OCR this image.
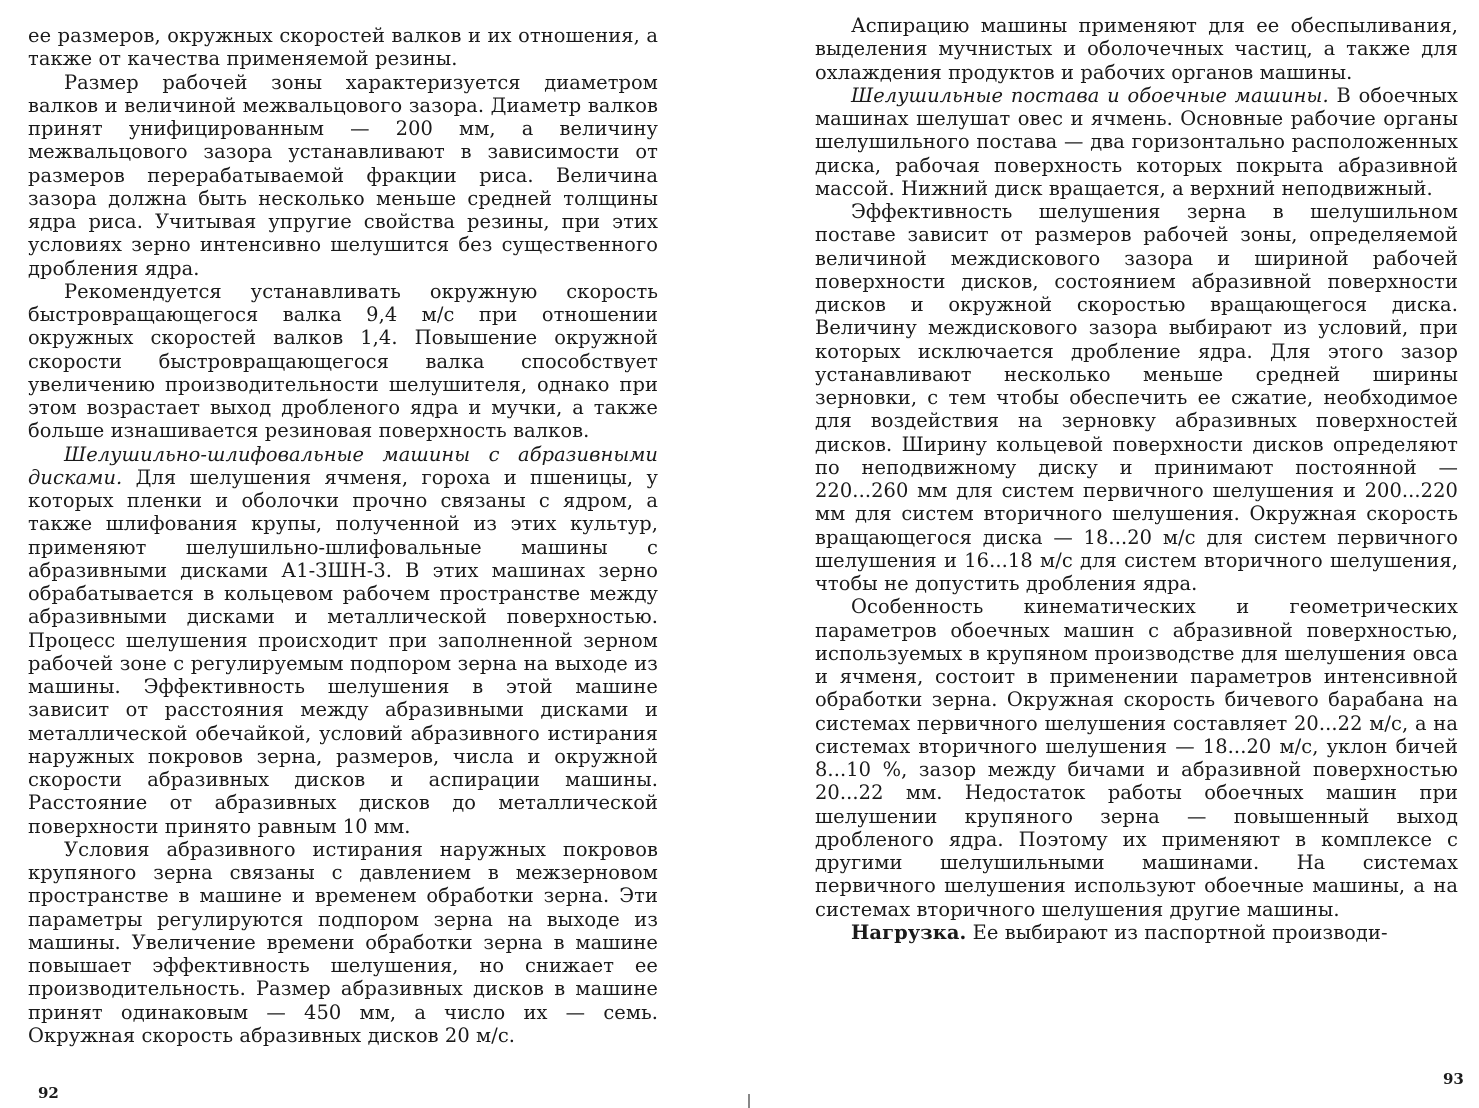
ее размеров, окружных скоростей валков и их отношения, а также от качества применяемой резины.

Размер рабочей зоны характеризуется диаметром валков и величиной межвальцового зазора. Диаметр валков принят унифицированным — 200 мм, а величину межвальцового зазора устанавливают в зависимости от размеров перерабатываемой фракции риса. Величина зазора должна быть несколько меньше средней толщины ядра риса. Учитывая упругие свойства резины, при этих условиях зерно интенсивно шелушится без существенного дробления ядра.

Рекомендуется устанавливать окружную скорость быстровращающегося валка 9,4 м/с при отношении окружных скоростей валков 1,4. Повышение окружной скорости быстровращающегося валка способствует увеличению производительности шелушителя, однако при этом возрастает выход дробленого ядра и мучки, а также больше изнашивается резиновая поверхность валков.

Шелушильно-шлифовальные машины с абразивными дисками. Для шелушения ячменя, гороха и пшеницы, у которых пленки и оболочки прочно связаны с ядром, а также шлифования крупы, полученной из этих культур, применяют шелушильно-шлифовальные машины с абразивными дисками А1-ЗШН-3. В этих машинах зерно обрабатывается в кольцевом рабочем пространстве между абразивными дисками и металлической поверхностью. Процесс шелушения происходит при заполненной зерном рабочей зоне с регулируемым подпором зерна на выходе из машины. Эффективность шелушения в этой машине зависит от расстояния между абразивными дисками и металлической обечайкой, условий абразивного истирания наружных покровов зерна, размеров, числа и окружной скорости абразивных дисков и аспирации машины. Расстояние от абразивных дисков до металлической поверхности принято равным 10 мм.

Условия абразивного истирания наружных покровов крупяного зерна связаны с давлением в межзерновом пространстве в машине и временем обработки зерна. Эти параметры регулируются подпором зерна на выходе из машины. Увеличение времени обработки зерна в машине повышает эффективность шелушения, но снижает ее производительность. Размер абразивных дисков в машине принят одинаковым — 450 мм, а число их — семь. Окружная скорость абразивных дисков 20 м/с.

92

Аспирацию машины применяют для ее обеспыливания, выделения мучнистых и оболочечных частиц, а также для охлаждения продуктов и рабочих органов машины.

Шелушильные постава и обоечные машины. В обоечных машинах шелушат овес и ячмень. Основные рабочие органы шелушильного постава — два горизонтально расположенных диска, рабочая поверхность которых покрыта абразивной массой. Нижний диск вращается, а верхний неподвижный.

Эффективность шелушения зерна в шелушильном поставе зависит от размеров рабочей зоны, определяемой величиной междискового зазора и шириной рабочей поверхности дисков, состоянием абразивной поверхности дисков и окружной скоростью вращающегося диска. Величину междискового зазора выбирают из условий, при которых исключается дробление ядра. Для этого зазор устанавливают несколько меньше средней ширины зерновки, с тем чтобы обеспечить ее сжатие, необходимое для воздействия на зерновку абразивных поверхностей дисков. Ширину кольцевой поверхности дисков определяют по неподвижному диску и принимают постоянной — 220...260 мм для систем первичного шелушения и 200...220 мм для систем вторичного шелушения. Окружная скорость вращающегося диска — 18...20 м/с для систем первичного шелушения и 16...18 м/с для систем вторичного шелушения, чтобы не допустить дробления ядра.

Особенность кинематических и геометрических параметров обоечных машин с абразивной поверхностью, используемых в крупяном производстве для шелушения овса и ячменя, состоит в применении параметров интенсивной обработки зерна. Окружная скорость бичевого барабана на системах первичного шелушения составляет 20...22 м/с, а на системах вторичного шелушения — 18...20 м/с, уклон бичей 8...10 %, зазор между бичами и абразивной поверхностью 20...22 мм. Недостаток работы обоечных машин при шелушении крупяного зерна — повышенный выход дробленого ядра. Поэтому их применяют в комплексе с другими шелушильными машинами. На системах первичного шелушения используют обоечные машины, а на системах вторичного шелушения другие машины.

Нагрузка. Ее выбирают из паспортной производи-

93
